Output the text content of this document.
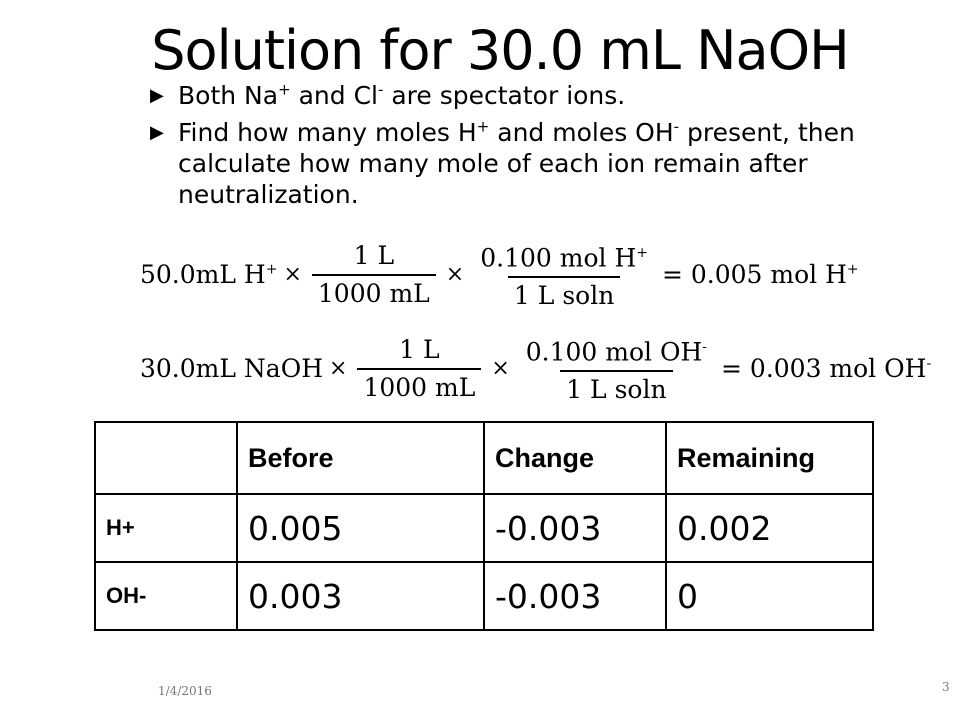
Solution for 30.0 mL NaOH
▶ Both Na+ and Cl- are spectator ions.
▶ Find how many moles H+ and moles OH- present, then calculate how many mole of each ion remain after neutralization.
50.0mL $H^+ \times \frac{1 L}{1000 mL} \times \frac{0.100 mol H^+}{\text{1 L soln}} = 0.005$ mol H+
30.0mL NaOH × $\frac{1 L}{1000 mL} \times \frac{0.100 mol OH^-}{\text{1 L soln}} = 0.003$ mol OH-
	Before	Change	Remaining
H+	0.005	-0.003	0.002
OH-	0.003	-0.003	0
1/4/2016	3
